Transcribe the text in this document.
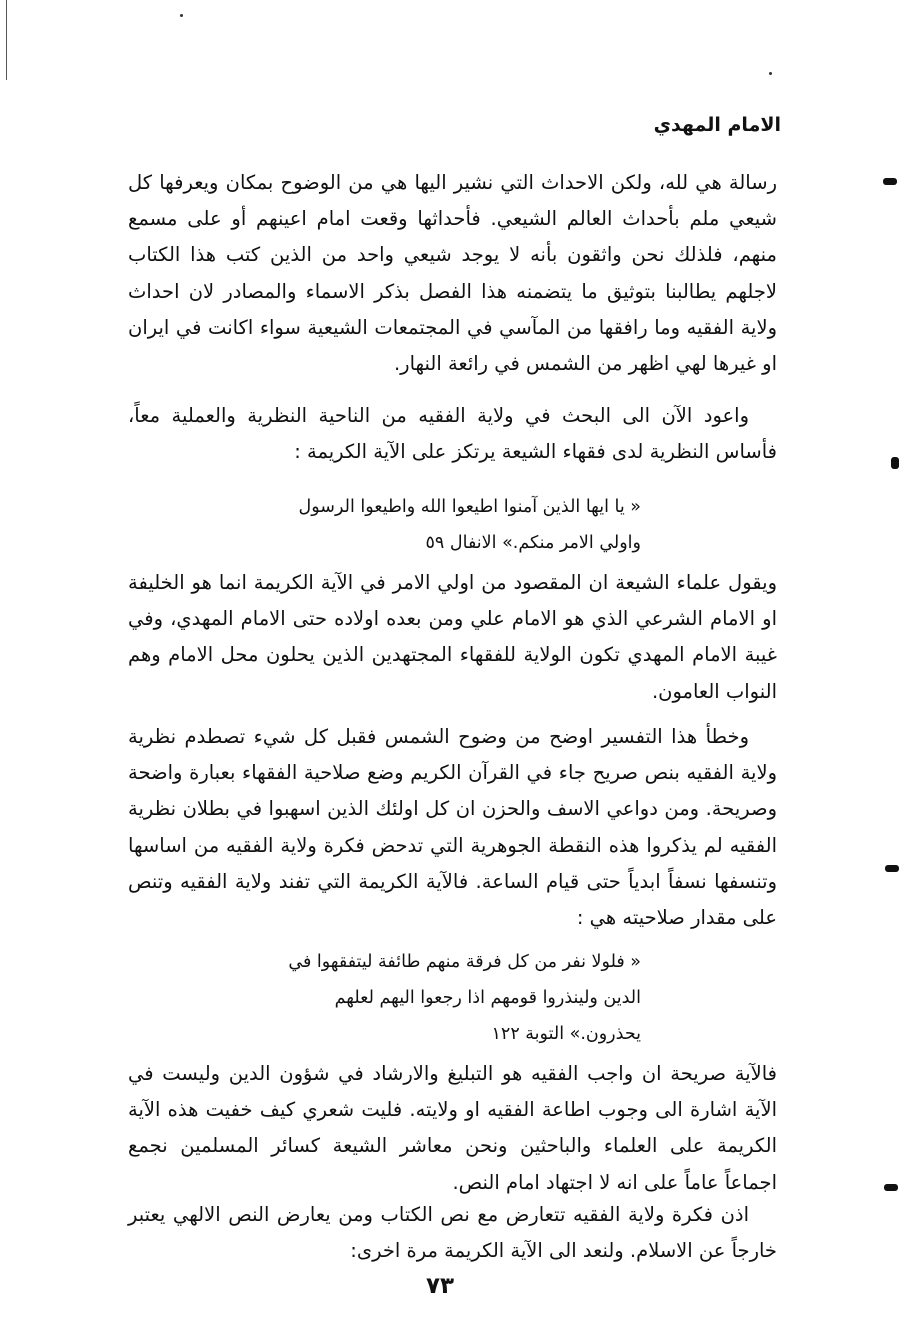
الامام المهدي

رسالة هي لله، ولكن الاحداث التي نشير اليها هي من الوضوح بمكان ويعرفها كل شيعي ملم بأحداث العالم الشيعي. فأحداثها وقعت امام اعينهم أو على مسمع منهم، فلذلك نحن واثقون بأنه لا يوجد شيعي واحد من الذين كتب هذا الكتاب لاجلهم يطالبنا بتوثيق ما يتضمنه هذا الفصل بذكر الاسماء والمصادر لان احداث ولاية الفقيه وما رافقها من المآسي في المجتمعات الشيعية سواء اكانت في ايران او غيرها لهي اظهر من الشمس في رائعة النهار.

واعود الآن الى البحث في ولاية الفقيه من الناحية النظرية والعملية معاً، فأساس النظرية لدى فقهاء الشيعة يرتكز على الآية الكريمة :

« يا ايها الذين آمنوا اطيعوا الله واطيعوا الرسول

واولي الامر منكم.» الانفال ٥٩

ويقول علماء الشيعة ان المقصود من اولي الامر في الآية الكريمة انما هو الخليفة او الامام الشرعي الذي هو الامام علي ومن بعده اولاده حتى الامام المهدي، وفي غيبة الامام المهدي تكون الولاية للفقهاء المجتهدين الذين يحلون محل الامام وهم النواب العامون.

وخطأ هذا التفسير اوضح من وضوح الشمس فقبل كل شيء تصطدم نظرية ولاية الفقيه بنص صريح جاء في القرآن الكريم وضع صلاحية الفقهاء بعبارة واضحة وصريحة. ومن دواعي الاسف والحزن ان كل اولئك الذين اسهبوا في بطلان نظرية الفقيه لم يذكروا هذه النقطة الجوهرية التي تدحض فكرة ولاية الفقيه من اساسها وتنسفها نسفاً ابدياً حتى قيام الساعة. فالآية الكريمة التي تفند ولاية الفقيه وتنص على مقدار صلاحيته هي :

« فلولا نفر من كل فرقة منهم طائفة ليتفقهوا في

الدين ولينذروا قومهم اذا رجعوا اليهم لعلهم

يحذرون.» التوبة ١٢٢

فالآية صريحة ان واجب الفقيه هو التبليغ والارشاد في شؤون الدين وليست في الآية اشارة الى وجوب اطاعة الفقيه او ولايته. فليت شعري كيف خفيت هذه الآية الكريمة على العلماء والباحثين ونحن معاشر الشيعة كسائر المسلمين نجمع اجماعاً عاماً على انه لا اجتهاد امام النص.

اذن فكرة ولاية الفقيه تتعارض مع نص الكتاب ومن يعارض النص الالهي يعتبر خارجاً عن الاسلام. ولنعد الى الآية الكريمة مرة اخرى:

٧٣
